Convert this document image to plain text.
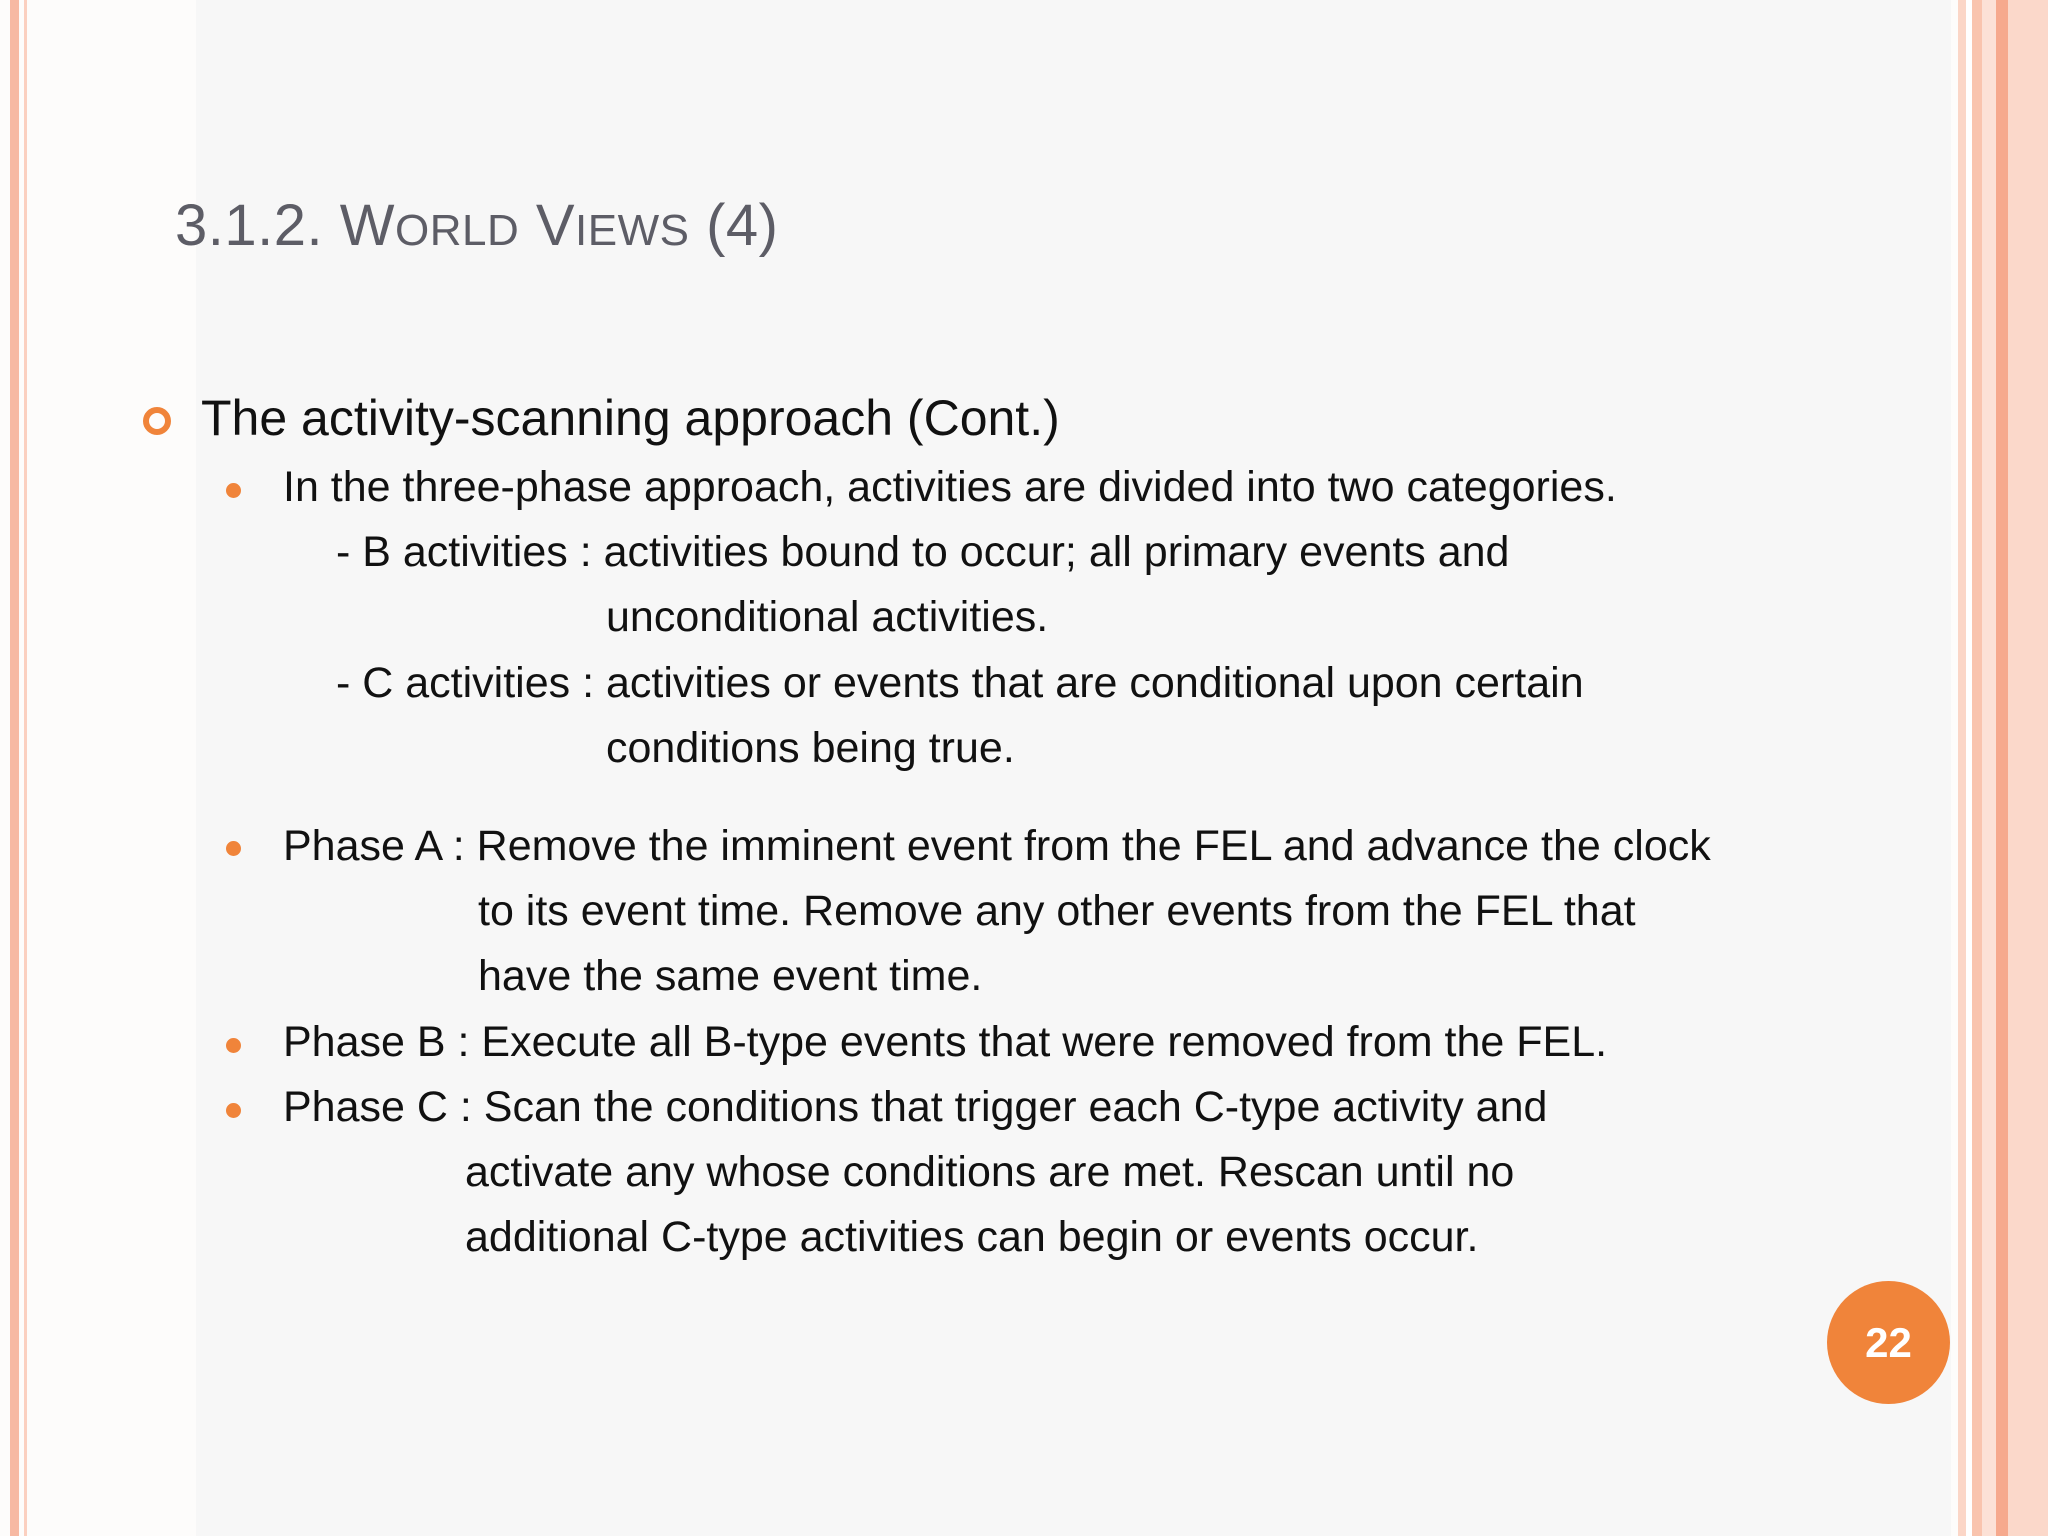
3.1.2. WORLD VIEWS (4)
The activity-scanning approach (Cont.)
In the three-phase approach, activities are divided into two categories.
- B activities : activities bound to occur; all primary events and
unconditional activities.
- C activities : activities or events that are conditional upon certain
conditions being true.
Phase A : Remove the imminent event from the FEL and advance the clock
to its event time. Remove any other events from the FEL that
have the same event time.
Phase B : Execute all B-type events that were removed from the FEL.
Phase C : Scan the conditions that trigger each C-type activity and
activate any whose conditions are met. Rescan until no
additional C-type activities can begin or events occur.
22
